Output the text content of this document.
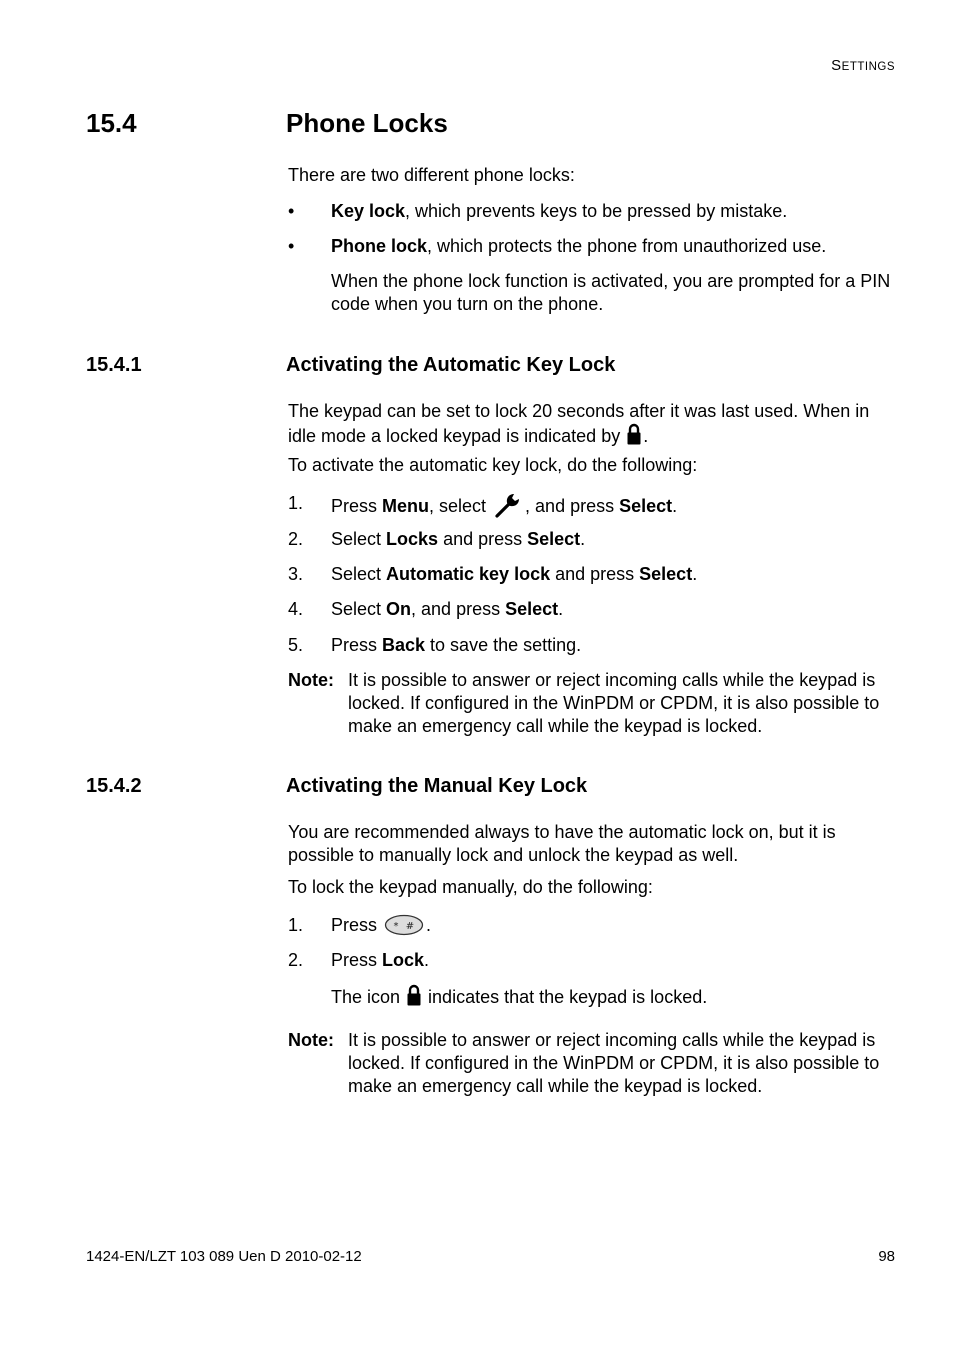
SETTINGS
15.4	Phone Locks
There are two different phone locks:
• Key lock, which prevents keys to be pressed by mistake.
• Phone lock, which protects the phone from unauthorized use.
When the phone lock function is activated, you are prompted for a PIN code when you turn on the phone.
15.4.1	Activating the Automatic Key Lock
The keypad can be set to lock 20 seconds after it was last used. When in idle mode a locked keypad is indicated by .
To activate the automatic key lock, do the following:
1. Press Menu, select , and press Select.
2. Select Locks and press Select.
3. Select Automatic key lock and press Select.
4. Select On, and press Select.
5. Press Back to save the setting.
Note: It is possible to answer or reject incoming calls while the keypad is locked. If configured in the WinPDM or CPDM, it is also possible to make an emergency call while the keypad is locked.
15.4.2	Activating the Manual Key Lock
You are recommended always to have the automatic lock on, but it is possible to manually lock and unlock the keypad as well.
To lock the keypad manually, do the following:
1. Press * # .
2. Press Lock.
The icon  indicates that the keypad is locked.
Note: It is possible to answer or reject incoming calls while the keypad is locked. If configured in the WinPDM or CPDM, it is also possible to make an emergency call while the keypad is locked.
1424-EN/LZT 103 089 Uen D 2010-02-12	98
